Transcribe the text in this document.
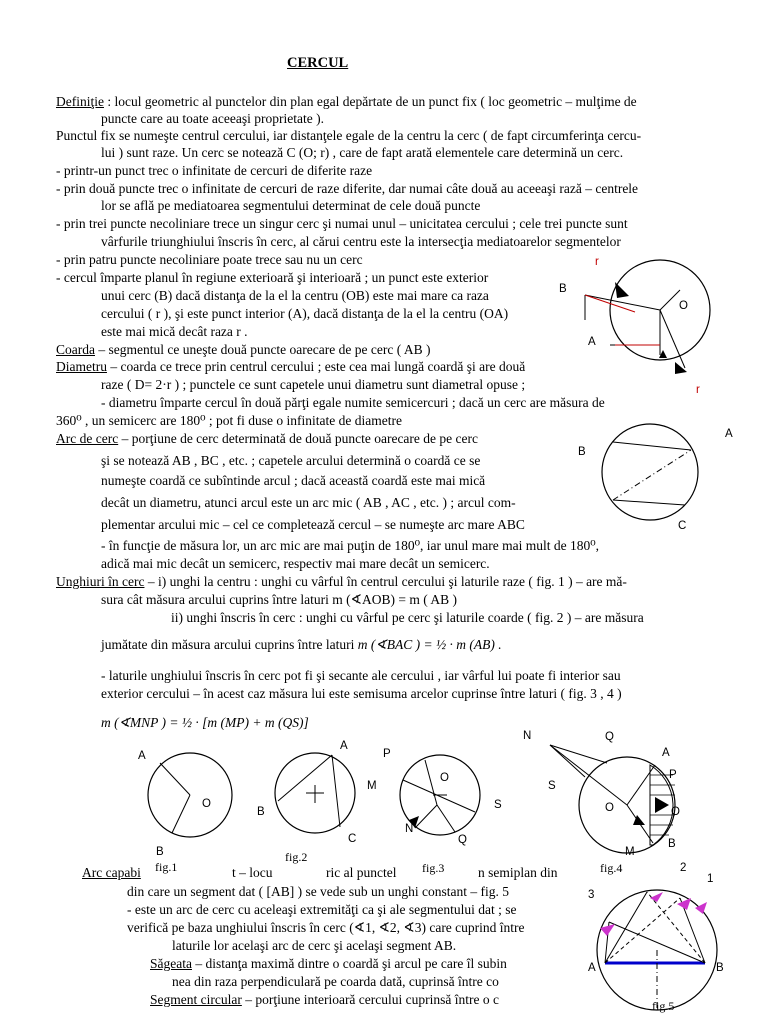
CERCUL
Definiţie : locul geometric al punctelor din plan egal depărtate de un punct fix ( loc geometric – mulţime de
puncte care au toate aceeaşi proprietate ).
Punctul fix se numeşte centrul cercului, iar distanţele egale de la centru la cerc ( de fapt circumferinţa cercu-
lui ) sunt raze. Un cerc se notează C (O; r) , care de fapt arată elementele care determină un cerc.
- printr-un punct trec o infinitate de cercuri de diferite raze
- prin două puncte trec o infinitate de cercuri de raze diferite, dar numai câte două au aceeaşi rază – centrele
lor se află pe mediatoarea segmentului determinat de cele două puncte
- prin trei puncte necoliniare trece un singur cerc şi numai unul – unicitatea cercului ; cele trei puncte sunt
vârfurile triunghiului înscris în cerc, al cărui centru este la intersecţia mediatoarelor segmentelor
- prin patru puncte necoliniare poate trece sau nu un cerc
- cercul împarte planul în regiune exterioară şi interioară ; un punct este exterior
unui cerc (B) dacă distanţa de la el la centru (OB) este mai mare ca raza
cercului ( r ), şi este punct interior (A), dacă distanţa de la el la centru (OA)
este mai mică decât raza r .
Coarda – segmentul ce uneşte două puncte oarecare de pe cerc ( AB )
Diametru – coarda ce trece prin centrul cercului ; este cea mai lungă coardă şi are două
raze ( D= 2·r ) ; punctele ce sunt capetele unui diametru sunt diametral opuse ;
- diametru împarte cercul în două părţi egale numite semicercuri ; dacă un cerc are măsura de
360⁰ , un semicerc are 180⁰ ; pot fi duse o infinitate de diametre
Arc de cerc – porţiune de cerc determinată de două puncte oarecare de pe cerc
şi se notează AB , BC , etc. ; capetele arcului determină o coardă ce se
numeşte coardă ce subîntinde arcul ; dacă această coardă este mai mică
decât un diametru, atunci arcul este un arc mic ( AB , AC , etc. ) ; arcul com-
plementar arcului mic – cel ce completează cercul – se numeşte arc mare ABC
- în funcţie de măsura lor, un arc mic are mai puţin de 180⁰, iar unul mare mai mult de 180⁰,
adică mai mic decât un semicerc, respectiv mai mare decât un semicerc.
Unghiuri în cerc – i) unghi la centru : unghi cu vârful în centrul cercului şi laturile raze ( fig. 1 ) – are mă-
sura cât măsura arcului cuprins între laturi m (∢AOB) = m ( AB )
ii) unghi înscris în cerc : unghi cu vârful pe cerc şi laturile coarde ( fig. 2 ) – are măsura
jumătate din măsura arcului cuprins între laturi m (∢BAC ) = ½ · m (AB) .
- laturile unghiului înscris în cerc pot fi şi secante ale cercului , iar vârful lui poate fi interior sau
exterior cercului – în acest caz măsura lui este semisuma arcelor cuprinse între laturi ( fig. 3 , 4 )
m (∢MNP ) = ½ · [m (MP) + m (QS)]
Arc capabi	t – locu	ric al punctel	n semiplan din
din care un segment dat ( [AB] ) se vede sub un unghi constant – fig. 5
- este un arc de cerc cu aceleaşi extremităţi ca şi ale segmentului dat ; se
verifică pe baza unghiului înscris în cerc (∢1, ∢2, ∢3) care cuprind între
laturile lor acelaşi arc de cerc şi acelaşi segment AB.
Săgeata – distanţa maximă dintre o coardă şi arcul pe care îl subin
nea din raza perpendiculară pe coarda dată, cuprinsă între co
Segment circular – porţiune interioară cercului cuprinsă între o c
r
B
O
A
r
A
B
C
A
O
B
fig.1
A
B
C
fig.2
P
M
O
S
N
Q
fig.3
N	Q
A
S
P
O	O
B
M
fig.4	2
1
3
A	B
fig.5
